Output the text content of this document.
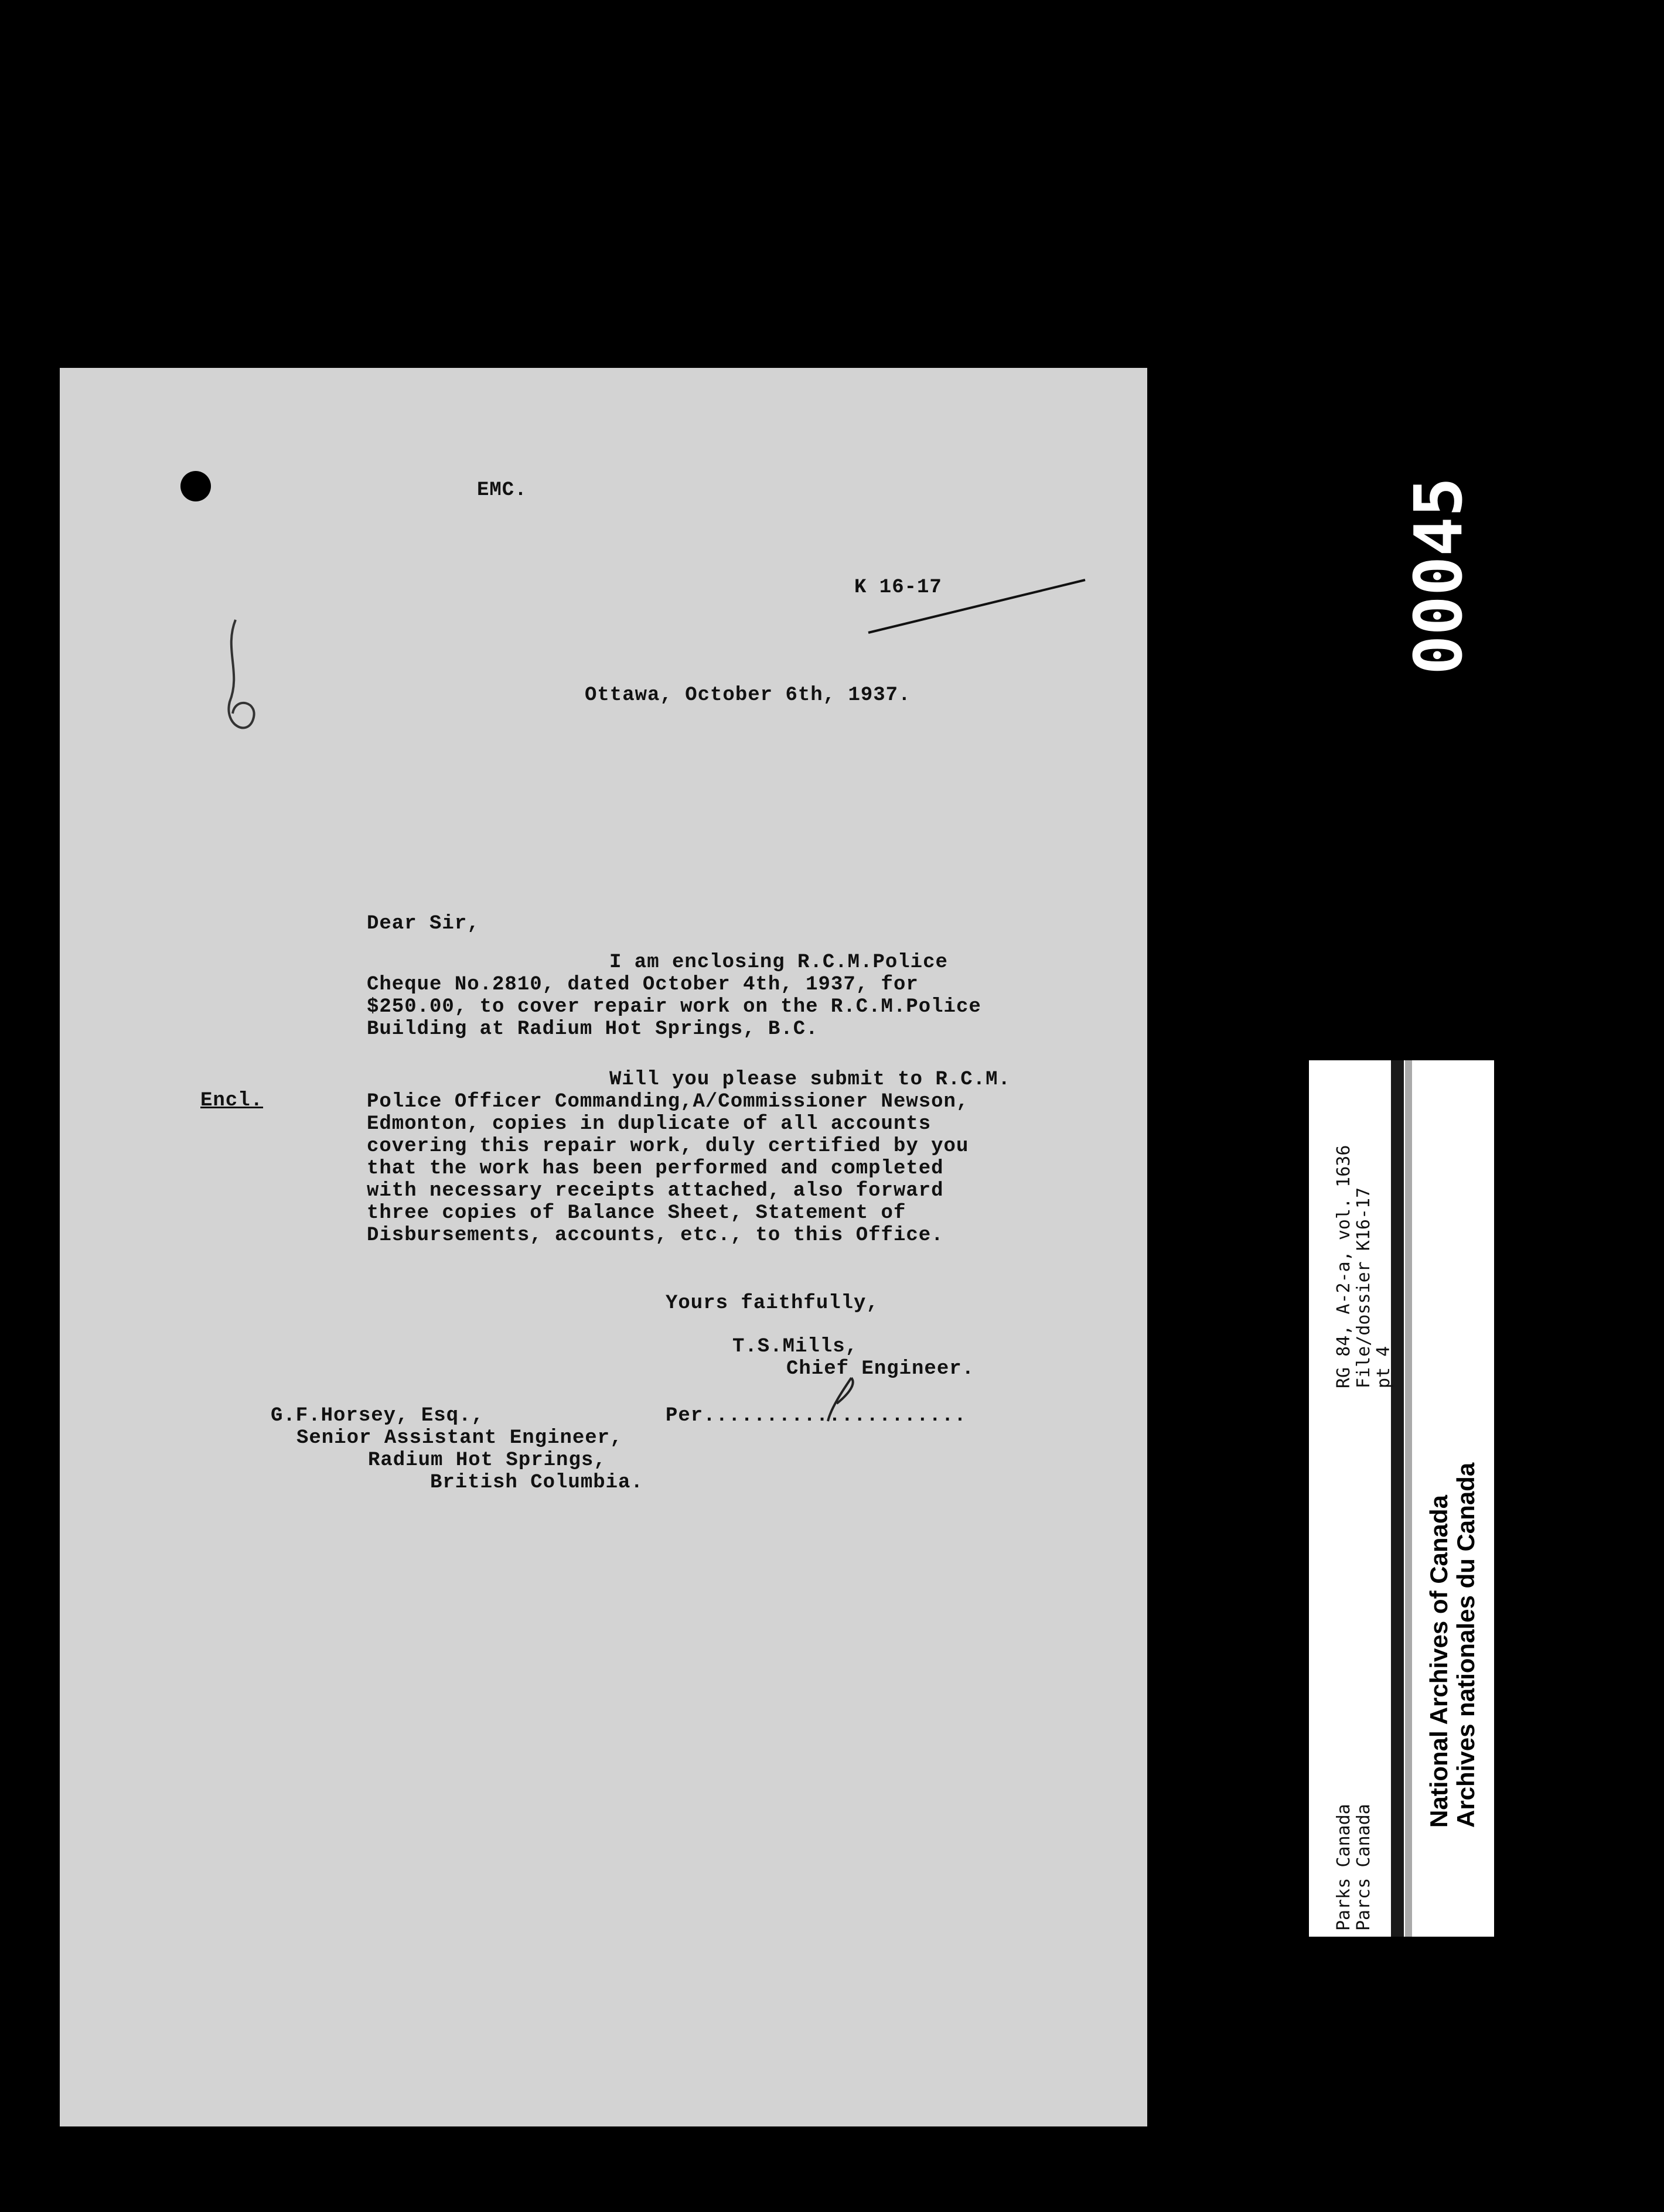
EMC.
K 16-17
Ottawa, October 6th, 1937.
Dear Sir,
I am enclosing R.C.M.Police
Cheque No.2810, dated October 4th, 1937, for
$250.00, to cover repair work on the R.C.M.Police
Building at Radium Hot Springs, B.C.
Encl.
Will you please submit to R.C.M.
Police Officer Commanding,A/Commissioner Newson,
Edmonton, copies in duplicate of all accounts
covering this repair work, duly certified by you
that the work has been performed and completed
with necessary receipts attached, also forward
three copies of Balance Sheet, Statement of
Disbursements, accounts, etc., to this Office.
Yours faithfully,
T.S.Mills,
Chief Engineer.
G.F.Horsey, Esq.,
Senior Assistant Engineer,
Radium Hot Springs,
British Columbia.
Per.....................
00045
RG 84, A-2-a, vol. 1636 File/dossier K16-17 pt 4
Parks Canada Parcs Canada
National Archives of Canada Archives nationales du Canada
